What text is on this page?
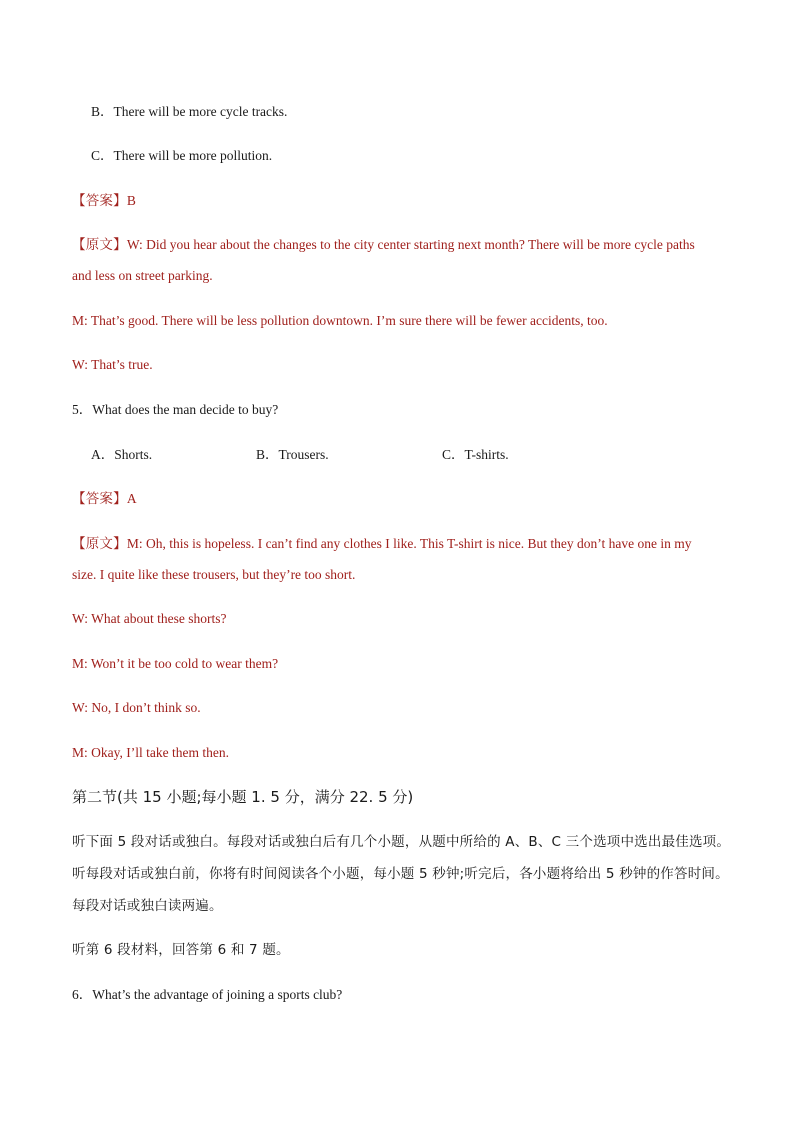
B．There will be more cycle tracks.
C．There will be more pollution.
【答案】B
【原文】W: Did you hear about the changes to the city center starting next month? There will be more cycle paths
and less on street parking.
M: That’s good. There will be less pollution downtown. I’m sure there will be fewer accidents, too.
W: That’s true.
5．What does the man decide to buy?
A．Shorts.	B．Trousers.	C．T-shirts.
【答案】A
【原文】M: Oh, this is hopeless. I can’t find any clothes I like. This T-shirt is nice. But they don’t have one in my
size. I quite like these trousers, but they’re too short.
W: What about these shorts?
M: Won’t it be too cold to wear them?
W: No, I don’t think so.
M: Okay, I’ll take them then.
第二节(共 15 小题;每小题 1. 5 分，满分 22. 5 分)
听下面 5 段对话或独白。每段对话或独白后有几个小题，从题中所给的 A、B、C 三个选项中选出最佳选项。
听每段对话或独白前，你将有时间阅读各个小题，每小题 5 秒钟;听完后，各小题将给出 5 秒钟的作答时间。
每段对话或独白读两遍。
听第 6 段材料，回答第 6 和 7 题。
6．What’s the advantage of joining a sports club?
